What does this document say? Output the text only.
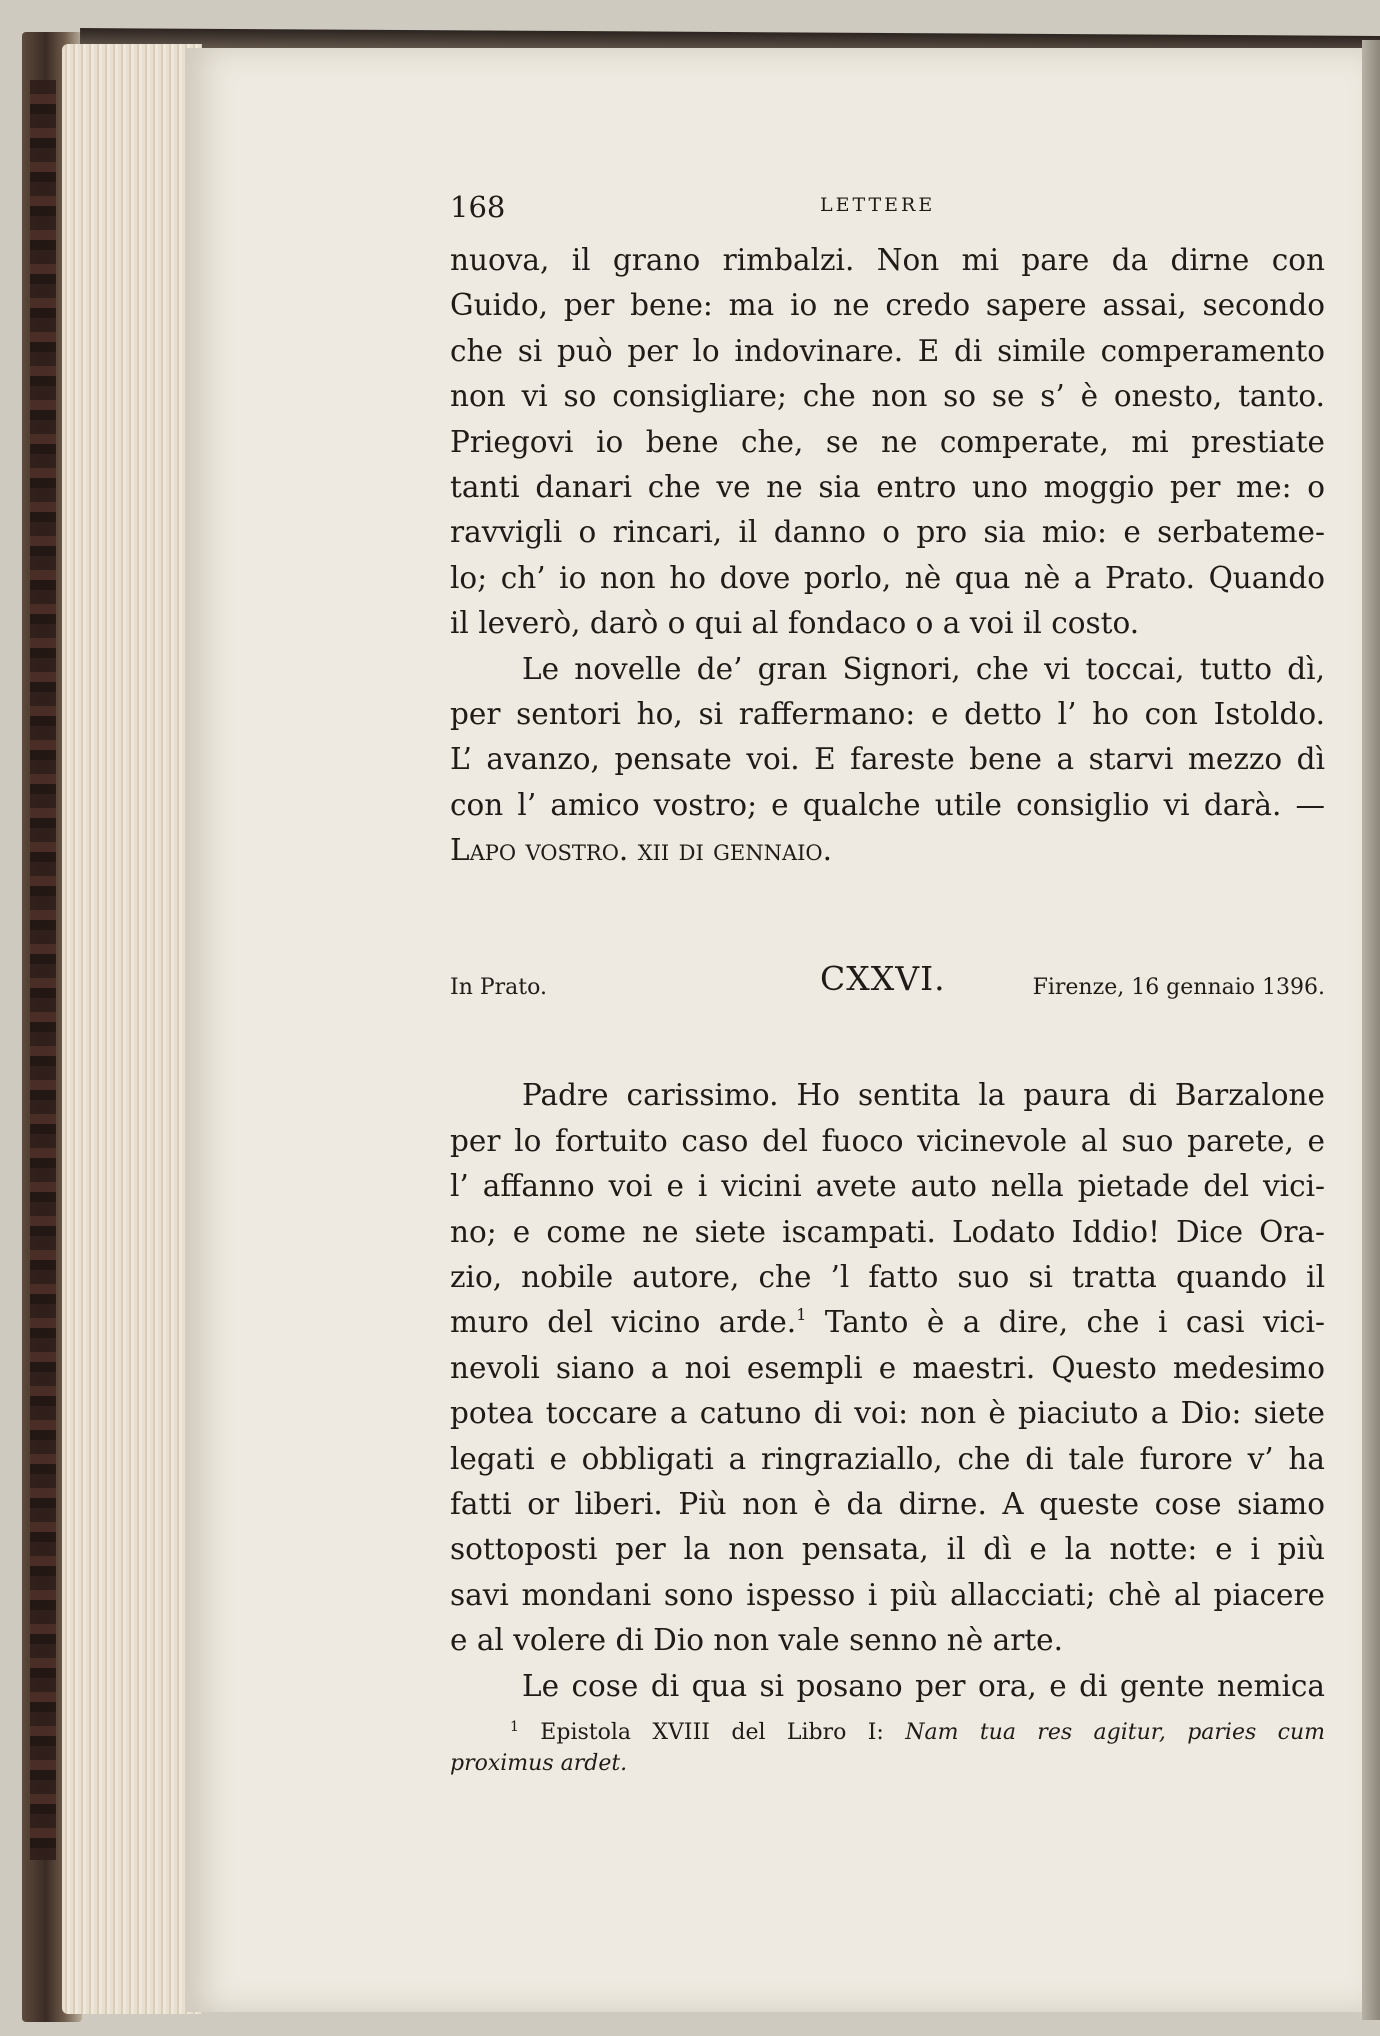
168	LETTERE
nuova, il grano rimbalzi. Non mi pare da dirne con
Guido, per bene: ma io ne credo sapere assai, secondo
che si può per lo indovinare. E di simile comperamento
non vi so consigliare; che non so se s’ è onesto, tanto.
Priegovi io bene che, se ne comperate, mi prestiate
tanti danari che ve ne sia entro uno moggio per me: o
ravvigli o rincari, il danno o pro sia mio: e serbateme-
lo; ch’ io non ho dove porlo, nè qua nè a Prato. Quando
il leverò, darò o qui al fondaco o a voi il costo.
Le novelle de’ gran Signori, che vi toccai, tutto dì,
per sentori ho, si raffermano: e detto l’ ho con Istoldo.
L’ avanzo, pensate voi. E fareste bene a starvi mezzo dì
con l’ amico vostro; e qualche utile consiglio vi darà. —
Lapo vostro. xii di gennaio.
In Prato.	CXXVI.	Firenze, 16 gennaio 1396.
Padre carissimo. Ho sentita la paura di Barzalone
per lo fortuito caso del fuoco vicinevole al suo parete, e
l’ affanno voi e i vicini avete auto nella pietade del vici-
no; e come ne siete iscampati. Lodato Iddio! Dice Ora-
zio, nobile autore, che ’l fatto suo si tratta quando il
muro del vicino arde.$^1$ Tanto è a dire, che i casi vici-
nevoli siano a noi esempli e maestri. Questo medesimo
potea toccare a catuno di voi: non è piaciuto a Dio: siete
legati e obbligati a ringraziallo, che di tale furore v’ ha
fatti or liberi. Più non è da dirne. A queste cose siamo
sottoposti per la non pensata, il dì e la notte: e i più
savi mondani sono ispesso i più allacciati; chè al piacere
e al volere di Dio non vale senno nè arte.
Le cose di qua si posano per ora, e di gente nemica
$^1$ Epistola XVIII del Libro I: Nam tua res agitur, paries cum
proximus ardet.
